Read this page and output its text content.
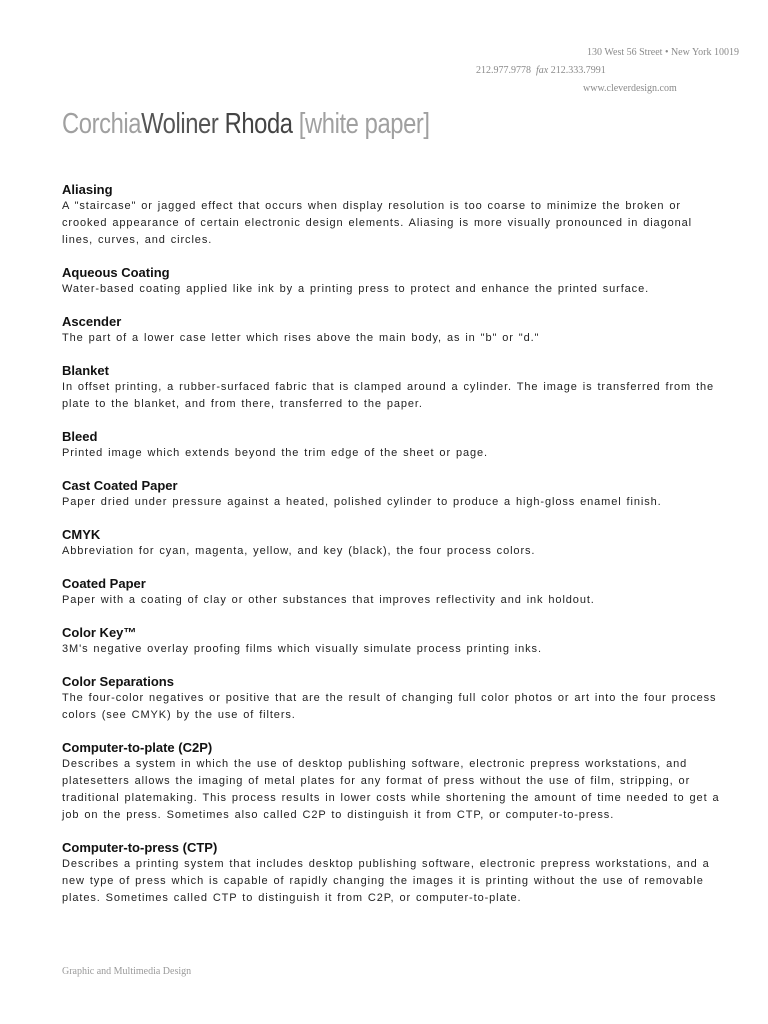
130 West 56 Street • New York 10019
212.977.9778 fax 212.333.7991
www.cleverdesign.com
CorchiaWoliner Rhoda [white paper]
Aliasing

A "staircase" or jagged effect that occurs when display resolution is too coarse to minimize the broken or crooked appearance of certain electronic design elements. Aliasing is more visually pronounced in diagonal lines, curves, and circles.

Aqueous Coating

Water-based coating applied like ink by a printing press to protect and enhance the printed surface.

Ascender

The part of a lower case letter which rises above the main body, as in "b" or "d."

Blanket

In offset printing, a rubber-surfaced fabric that is clamped around a cylinder. The image is transferred from the plate to the blanket, and from there, transferred to the paper.

Bleed

Printed image which extends beyond the trim edge of the sheet or page.

Cast Coated Paper

Paper dried under pressure against a heated, polished cylinder to produce a high-gloss enamel finish.

CMYK

Abbreviation for cyan, magenta, yellow, and key (black), the four process colors.

Coated Paper

Paper with a coating of clay or other substances that improves reflectivity and ink holdout.

Color Key™

3M's negative overlay proofing films which visually simulate process printing inks.

Color Separations

The four-color negatives or positive that are the result of changing full color photos or art into the four process colors (see CMYK) by the use of filters.

Computer-to-plate (C2P)

Describes a system in which the use of desktop publishing software, electronic prepress workstations, and platesetters allows the imaging of metal plates for any format of press without the use of film, stripping, or traditional platemaking. This process results in lower costs while shortening the amount of time needed to get a job on the press. Sometimes also called C2P to distinguish it from CTP, or computer-to-press.

Computer-to-press (CTP)

Describes a printing system that includes desktop publishing software, electronic prepress workstations, and a new type of press which is capable of rapidly changing the images it is printing without the use of removable plates. Sometimes called CTP to distinguish it from C2P, or computer-to-plate.

Graphic and Multimedia Design
